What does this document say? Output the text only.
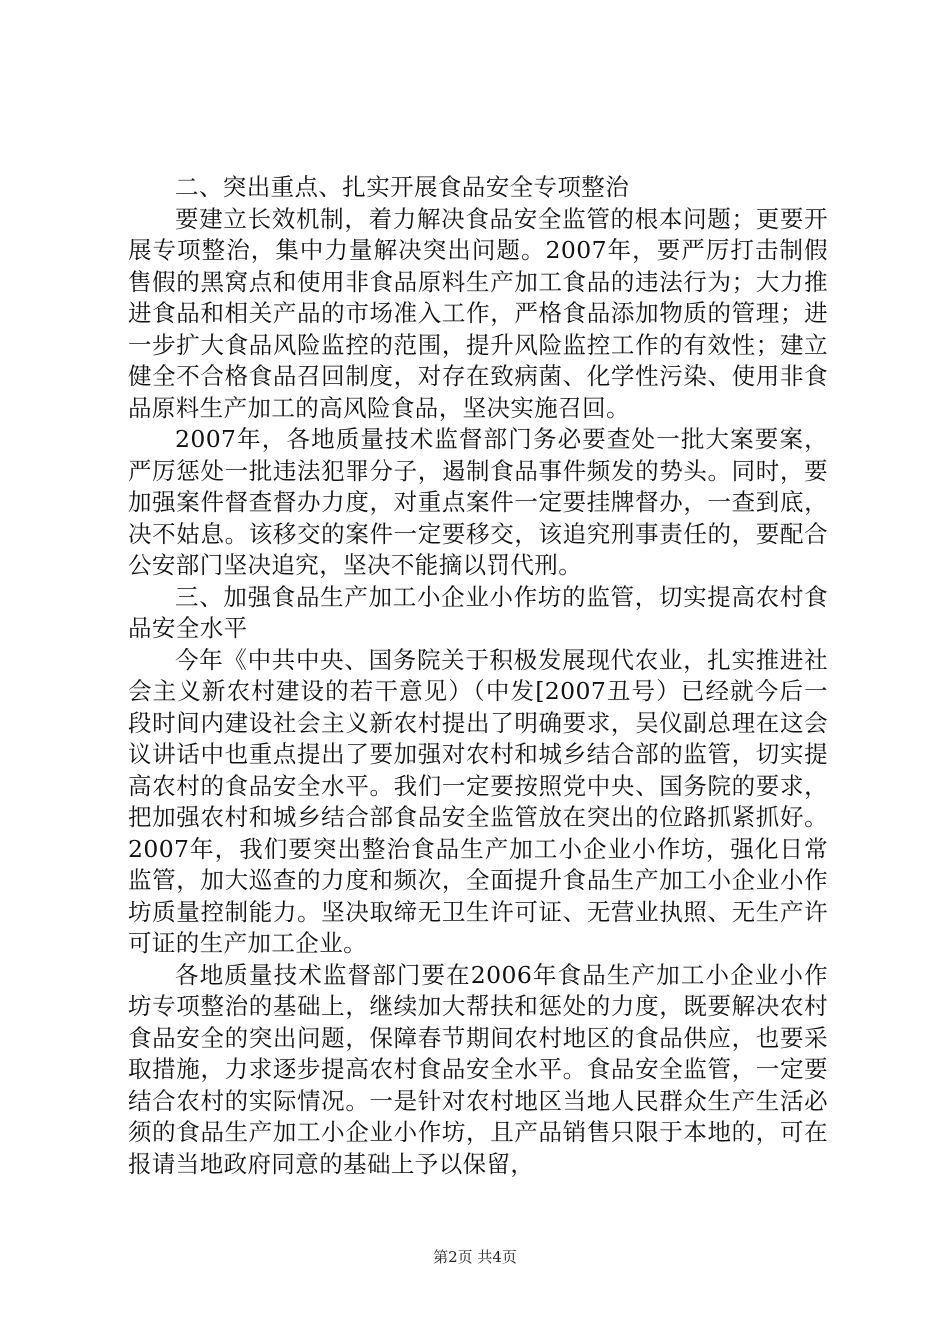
二、突出重点、扎实开展食品安全专项整治

要建立长效机制，着力解决食品安全监管的根本问题；更要开展专项整治，集中力量解决突出问题。2007年，要严厉打击制假售假的黑窝点和使用非食品原料生产加工食品的违法行为；大力推进食品和相关产品的市场准入工作，严格食品添加物质的管理；进一步扩大食品风险监控的范围，提升风险监控工作的有效性；建立健全不合格食品召回制度，对存在致病菌、化学性污染、使用非食品原料生产加工的高风险食品，坚决实施召回。

2007年，各地质量技术监督部门务必要查处一批大案要案，严厉惩处一批违法犯罪分子，遏制食品事件频发的势头。同时，要加强案件督查督办力度，对重点案件一定要挂牌督办，一查到底，决不姑息。该移交的案件一定要移交，该追究刑事责任的，要配合公安部门坚决追究，坚决不能摘以罚代刑。

三、加强食品生产加工小企业小作坊的监管，切实提高农村食品安全水平

今年《中共中央、国务院关于积极发展现代农业，扎实推进社会主义新农村建设的若干意见）（中发[2007丑号）已经就今后一段时间内建设社会主义新农村提出了明确要求，吴仪副总理在这会议讲话中也重点提出了要加强对农村和城乡结合部的监管，切实提高农村的食品安全水平。我们一定要按照党中央、国务院的要求，把加强农村和城乡结合部食品安全监管放在突出的位路抓紧抓好。2007年，我们要突出整治食品生产加工小企业小作坊，强化日常监管，加大巡查的力度和频次，全面提升食品生产加工小企业小作坊质量控制能力。坚决取缔无卫生许可证、无营业执照、无生产许可证的生产加工企业。

各地质量技术监督部门要在2006年食品生产加工小企业小作坊专项整治的基础上，继续加大帮扶和惩处的力度，既要解决农村食品安全的突出问题，保障春节期间农村地区的食品供应，也要采取措施，力求逐步提高农村食品安全水平。食品安全监管，一定要结合农村的实际情况。一是针对农村地区当地人民群众生产生活必须的食品生产加工小企业小作坊，且产品销售只限于本地的，可在报请当地政府同意的基础上予以保留，

第2页 共4页
